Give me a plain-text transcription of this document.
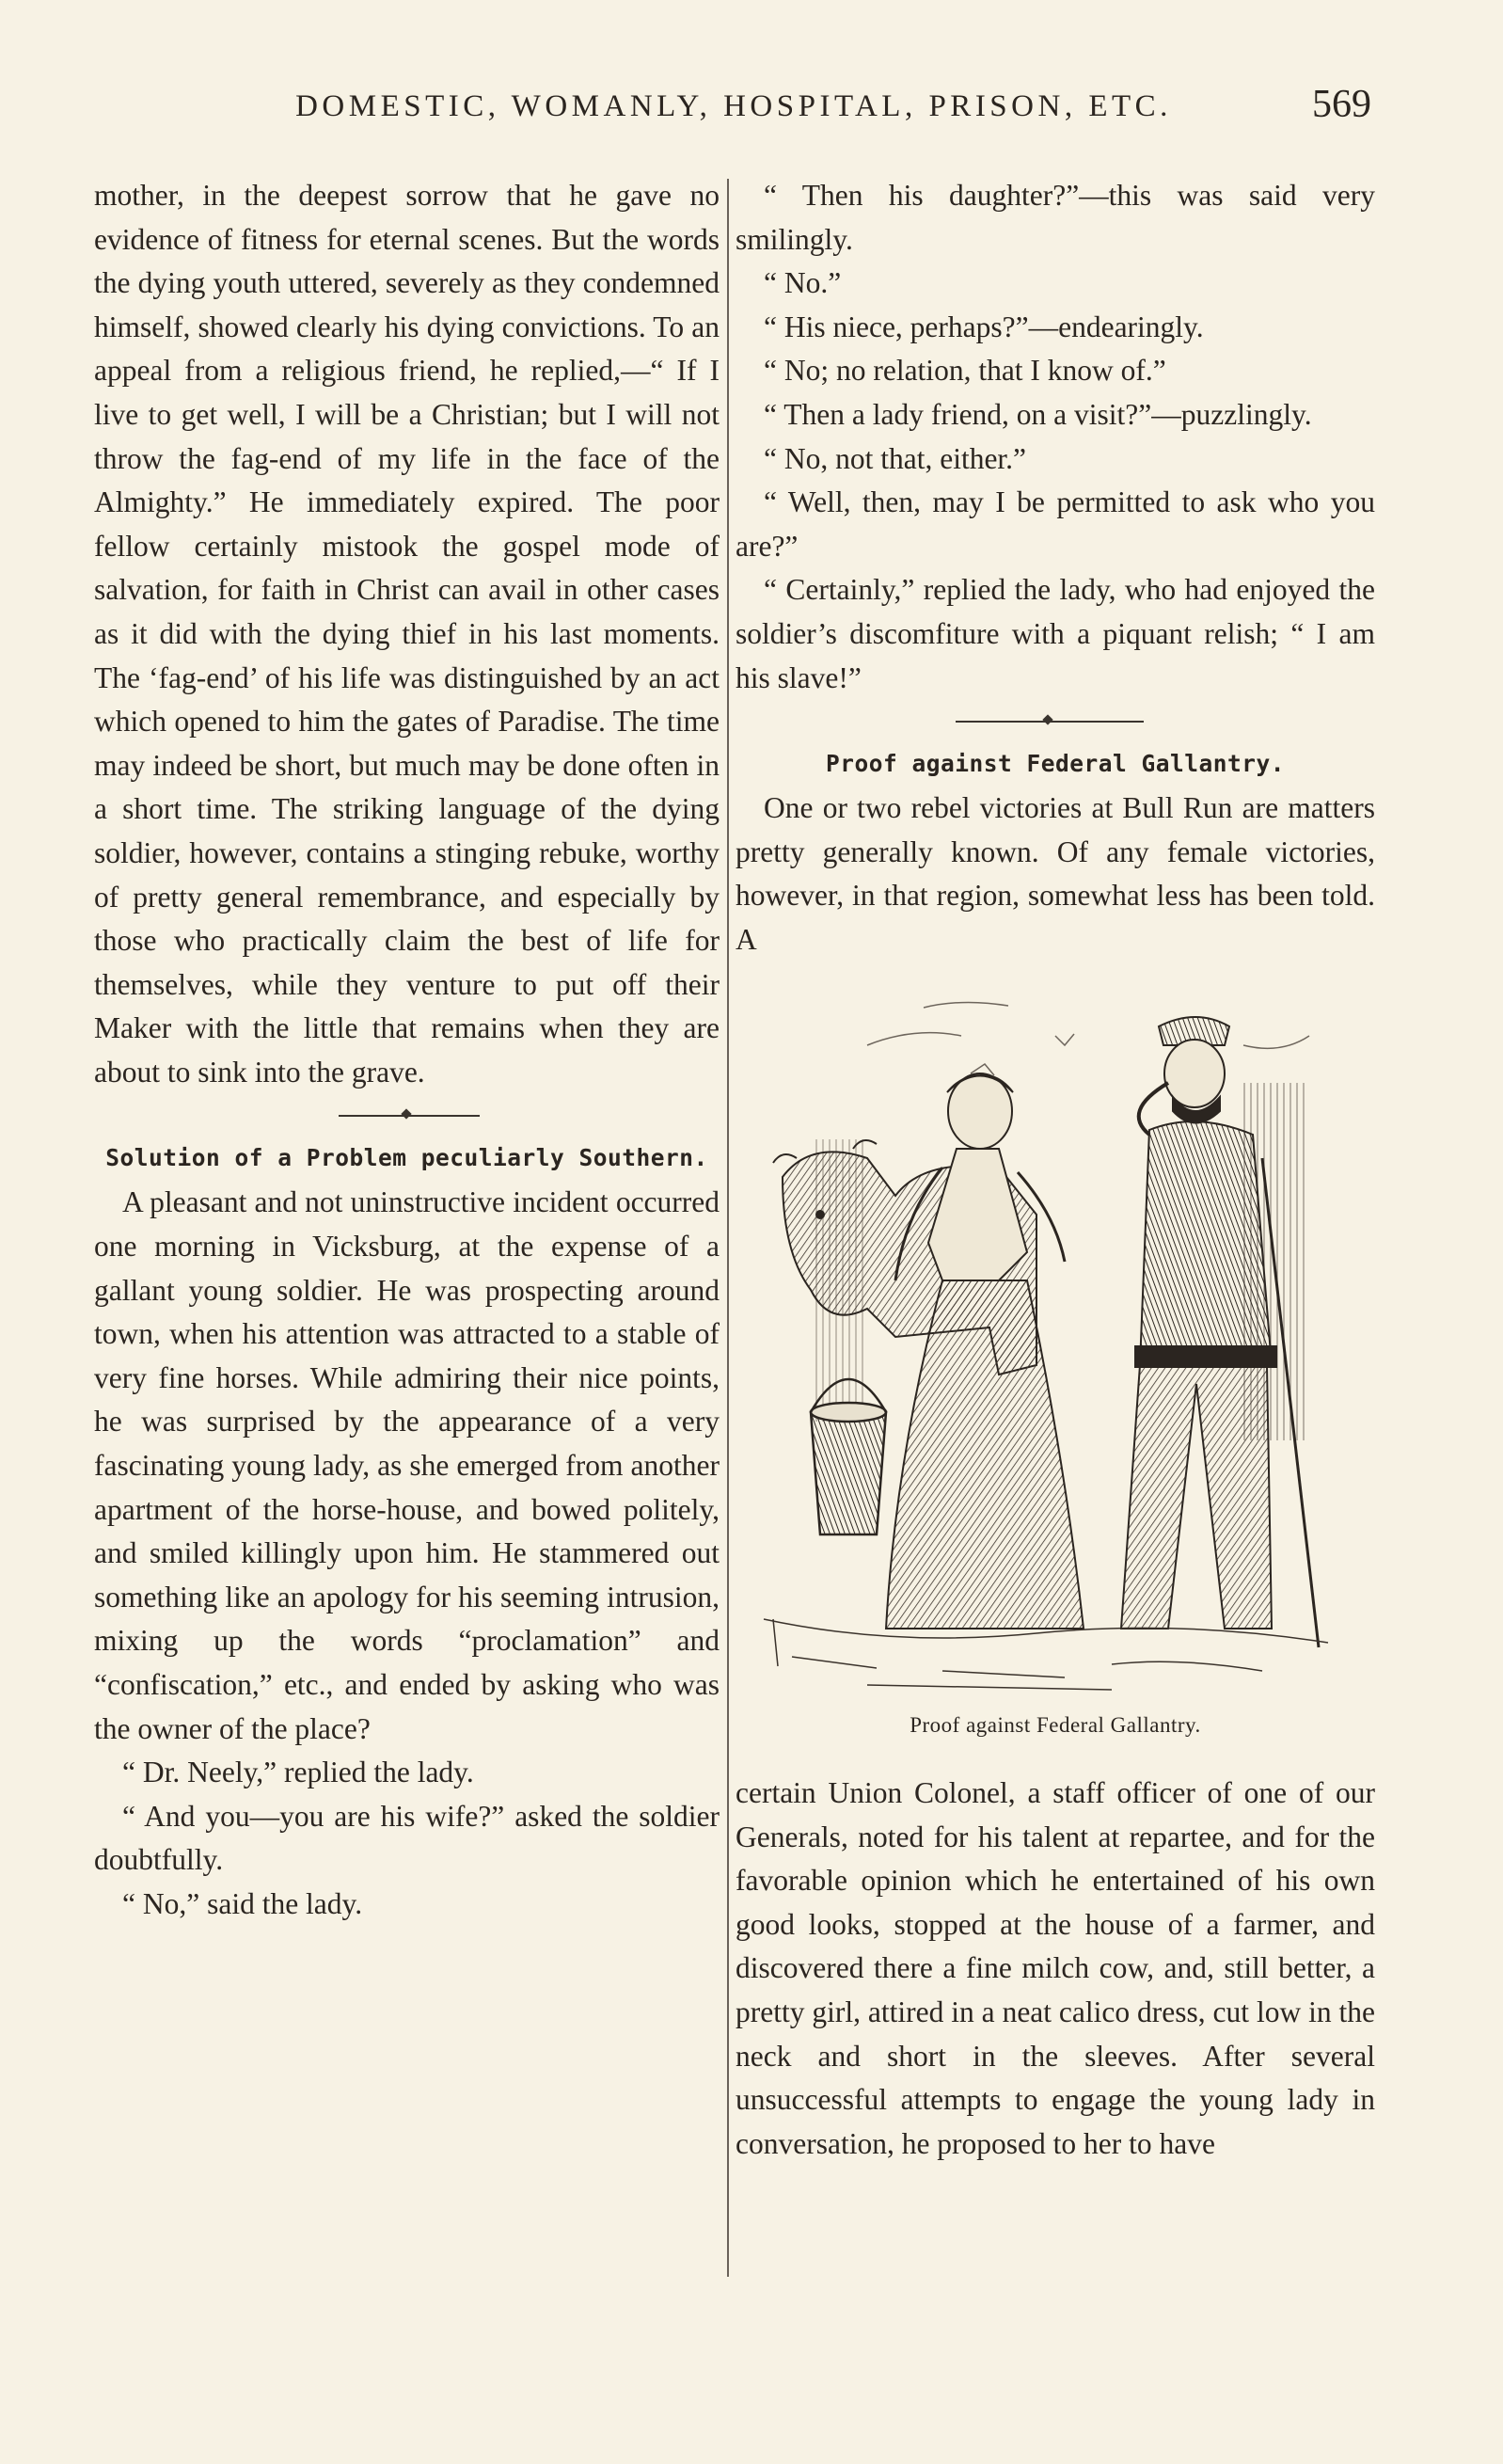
DOMESTIC, WOMANLY, HOSPITAL, PRISON, ETC.	569

mother, in the deepest sorrow that he gave no evidence of fitness for eternal scenes. But the words the dying youth uttered, severely as they condemned himself, showed clearly his dying convictions. To an appeal from a religious friend, he replied,—“ If I live to get well, I will be a Christian; but I will not throw the fag-end of my life in the face of the Almighty.” He immediately expired. The poor fellow certainly mistook the gospel mode of salvation, for faith in Christ can avail in other cases as it did with the dying thief in his last moments. The ‘fag-end’ of his life was distinguished by an act which opened to him the gates of Paradise. The time may indeed be short, but much may be done often in a short time. The striking language of the dying soldier, however, contains a stinging rebuke, worthy of pretty general remembrance, and especially by those who practically claim the best of life for themselves, while they venture to put off their Maker with the little that remains when they are about to sink into the grave.

Solution of a Problem peculiarly Southern.

A pleasant and not uninstructive incident occurred one morning in Vicksburg, at the expense of a gallant young soldier. He was prospecting around town, when his attention was attracted to a stable of very fine horses. While admiring their nice points, he was surprised by the appearance of a very fascinating young lady, as she emerged from another apartment of the horse-house, and bowed politely, and smiled killingly upon him. He stammered out something like an apology for his seeming intrusion, mixing up the words “proclamation” and “confiscation,” etc., and ended by asking who was the owner of the place?

“ Dr. Neely,” replied the lady.

“ And you—you are his wife?” asked the soldier doubtfully.

“ No,” said the lady.

“ Then his daughter?”—this was said very smilingly.

“ No.”

“ His niece, perhaps?”—endearingly.

“ No; no relation, that I know of.”

“ Then a lady friend, on a visit?”—puzzlingly.

“ No, not that, either.”

“ Well, then, may I be permitted to ask who you are?”

“ Certainly,” replied the lady, who had enjoyed the soldier’s discomfiture with a piquant relish; “ I am his slave!”

Proof against Federal Gallantry.

One or two rebel victories at Bull Run are matters pretty generally known. Of any female victories, however, in that region, somewhat less has been told. A

Proof against Federal Gallantry.

certain Union Colonel, a staff officer of one of our Generals, noted for his talent at repartee, and for the favorable opinion which he entertained of his own good looks, stopped at the house of a farmer, and discovered there a fine milch cow, and, still better, a pretty girl, attired in a neat calico dress, cut low in the neck and short in the sleeves. After several unsuccessful attempts to engage the young lady in conversation, he proposed to her to have
